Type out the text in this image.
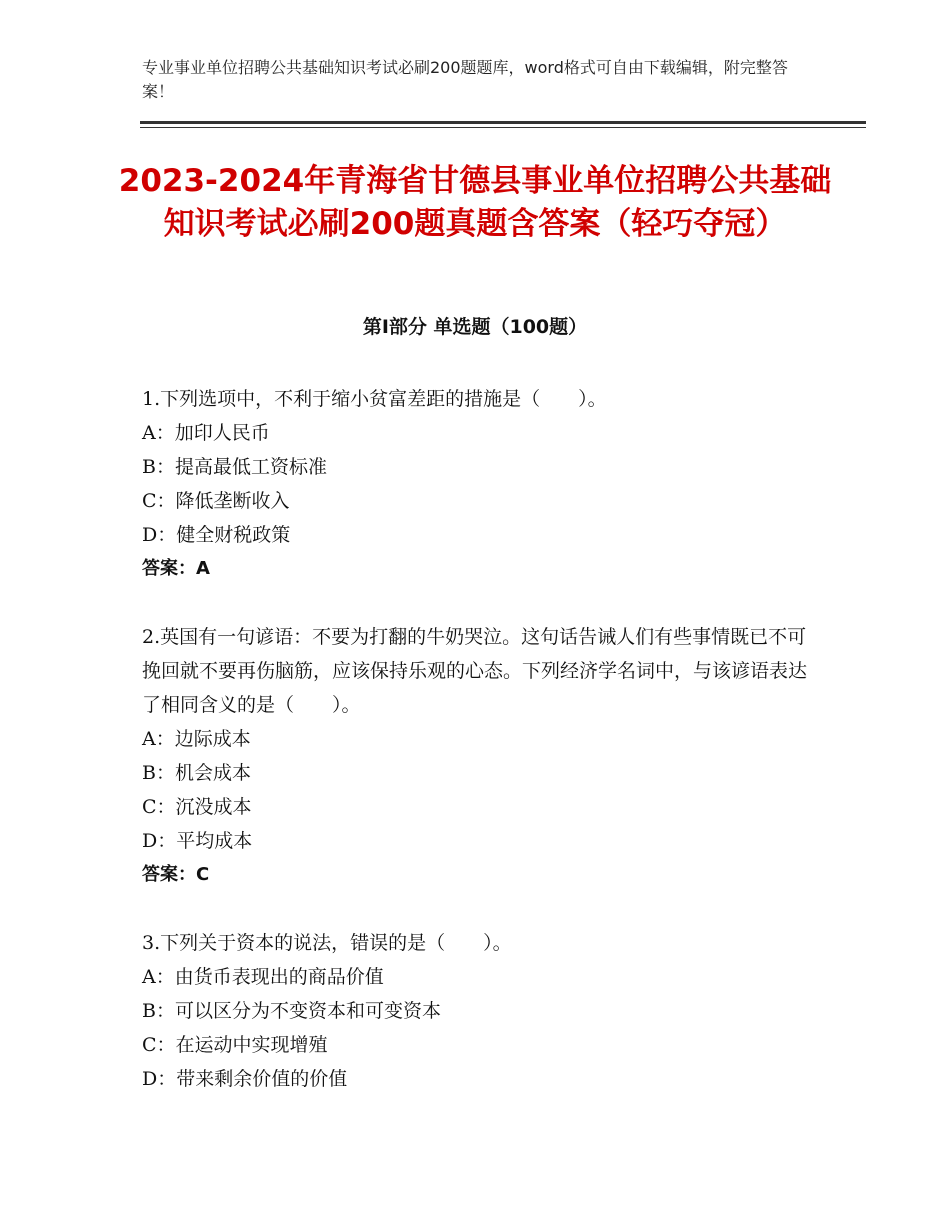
专业事业单位招聘公共基础知识考试必刷200题题库，word格式可自由下载编辑，附完整答案！
2023-2024年青海省甘德县事业单位招聘公共基础知识考试必刷200题真题含答案（轻巧夺冠）
第Ⅰ部分 单选题（100题）
1.下列选项中，不利于缩小贫富差距的措施是（　　）。
A：加印人民币
B：提高最低工资标准
C：降低垄断收入
D：健全财税政策
答案：A
2.英国有一句谚语：不要为打翻的牛奶哭泣。这句话告诫人们有些事情既已不可挽回就不要再伤脑筋，应该保持乐观的心态。下列经济学名词中，与该谚语表达了相同含义的是（　　）。
A：边际成本
B：机会成本
C：沉没成本
D：平均成本
答案：C
3.下列关于资本的说法，错误的是（　　）。
A：由货币表现出的商品价值
B：可以区分为不变资本和可变资本
C：在运动中实现增殖
D：带来剩余价值的价值
